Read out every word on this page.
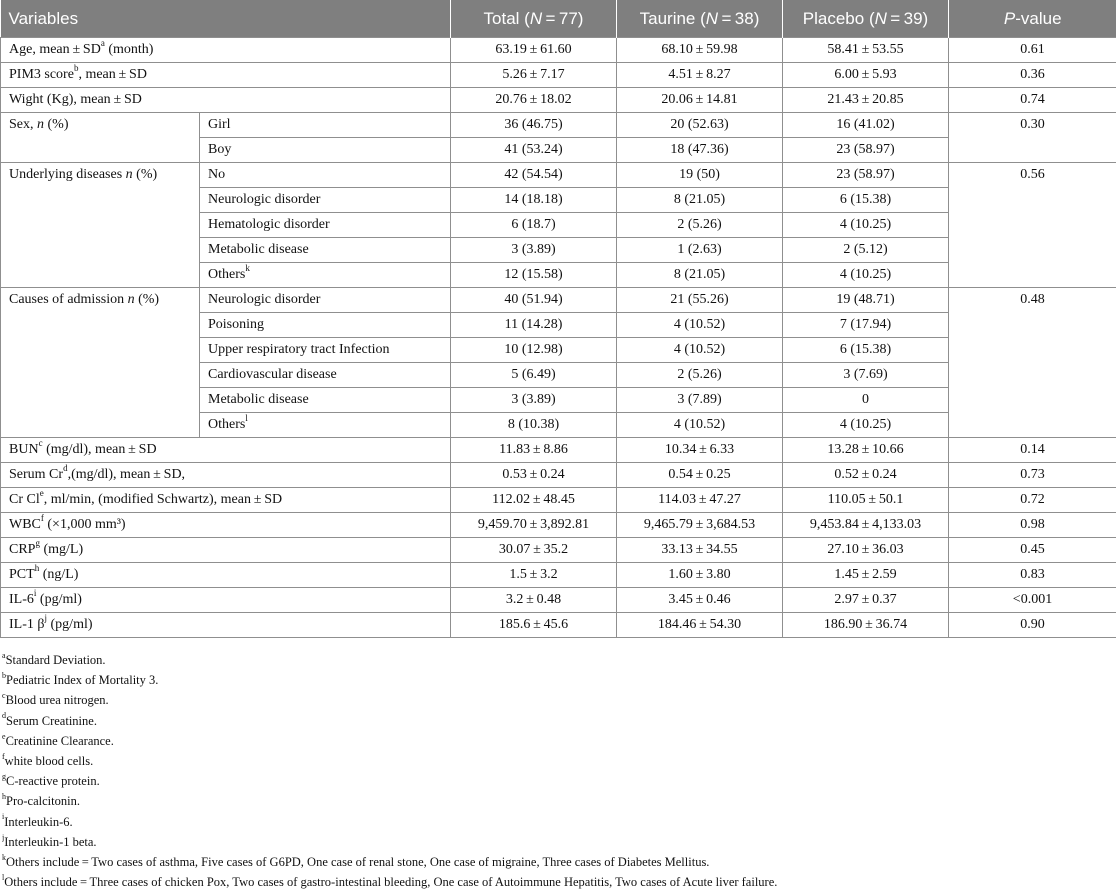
Variables		Total (N = 77)	Taurine (N = 38)	Placebo (N = 39)	P-value
Age, mean ± $SD^a$ (month)		63.19 ± 61.60	68.10 ± 59.98	58.41 ± 53.55	0.61
PIM3 score$^b$, mean ± SD		5.26 ± 7.17	4.51 ± 8.27	6.00 ± 5.93	0.36
Wight (Kg), mean ± SD		20.76 ± 18.02	20.06 ± 14.81	21.43 ± 20.85	0.74
Sex, n (%)	Girl	36 (46.75)	20 (52.63)	16 (41.02)	0.30
	Boy	41 (53.24)	18 (47.36)	23 (58.97)	
Underlying diseases n (%)	No	42 (54.54)	19 (50)	23 (58.97)	0.56
	Neurologic disorder	14 (18.18)	8 (21.05)	6 (15.38)	
	Hematologic disorder	6 (18.7)	2 (5.26)	4 (10.25)	
	Metabolic disease	3 (3.89)	1 (2.63)	2 (5.12)	
	Others$^k$	12 (15.58)	8 (21.05)	4 (10.25)	
Causes of admission n (%)	Neurologic disorder	40 (51.94)	21 (55.26)	19 (48.71)	0.48
	Poisoning	11 (14.28)	4 (10.52)	7 (17.94)	
	Upper respiratory tract Infection	10 (12.98)	4 (10.52)	6 (15.38)	
	Cardiovascular disease	5 (6.49)	2 (5.26)	3 (7.69)	
	Metabolic disease	3 (3.89)	3 (7.89)	0	
	Others$^l$	8 (10.38)	4 (10.52)	4 (10.25)	
BUN$^c$ (mg/dl), mean ± SD		11.83 ± 8.86	10.34 ± 6.33	13.28 ± 10.66	0.14
Serum Cr$^d$,(mg/dl), mean ± SD,		0.53 ± 0.24	0.54 ± 0.25	0.52 ± 0.24	0.73
Cr Cl$^e$, ml/min, (modified Schwartz), mean ± SD		112.02 ± 48.45	114.03 ± 47.27	110.05 ± 50.1	0.72
WBC$^f$ (×1,000 mm³)		9,459.70 ± 3,892.81	9,465.79 ± 3,684.53	9,453.84 ± 4,133.03	0.98
CRP$^g$ (mg/L)		30.07 ± 35.2	33.13 ± 34.55	27.10 ± 36.03	0.45
PCT$^h$ (ng/L)		1.5 ± 3.2	1.60 ± 3.80	1.45 ± 2.59	0.83
IL-6$^i$ (pg/ml)		3.2 ± 0.48	3.45 ± 0.46	2.97 ± 0.37	<0.001
IL-1 $\beta^j$ (pg/ml)		185.6 ± 45.6	184.46 ± 54.30	186.90 ± 36.74	0.90
$^a$Standard Deviation.
$^b$Pediatric Index of Mortality 3.
$^c$Blood urea nitrogen.
$^d$Serum Creatinine.
$^e$Creatinine Clearance.
$^f$white blood cells.
$^g$C-reactive protein.
$^h$Pro-calcitonin.
$^i$Interleukin-6.
$^j$Interleukin-1 beta.
$^k$Others include = Two cases of asthma, Five cases of G6PD, One case of renal stone, One case of migraine, Three cases of Diabetes Mellitus.
$^l$Others include = Three cases of chicken Pox, Two cases of gastro-intestinal bleeding, One case of Autoimmune Hepatitis, Two cases of Acute liver failure.
